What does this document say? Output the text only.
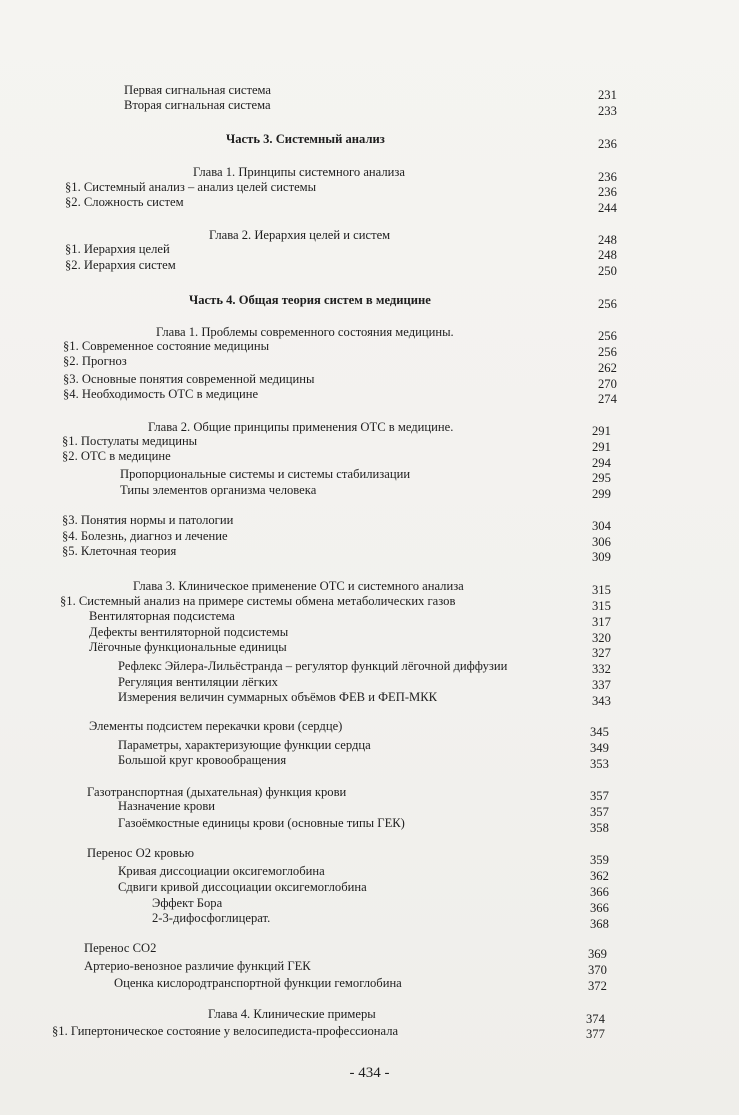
Первая сигнальная система	231
Вторая сигнальная система	233
Часть 3. Системный анализ	236
Глава 1. Принципы системного анализа	236
§1. Системный анализ – анализ целей системы	236
§2. Сложность систем	244
Глава 2. Иерархия целей и систем	248
§1. Иерархия целей	248
§2. Иерархия систем	250
Часть 4. Общая теория систем в медицине	256
Глава 1. Проблемы современного состояния медицины.	256
§1. Современное состояние медицины	256
§2. Прогноз	262
§3. Основные понятия современной медицины	270
§4. Необходимость ОТС в медицине	274
Глава 2. Общие принципы применения ОТС в медицине.	291
§1. Постулаты медицины	291
§2. ОТС в медицине	294
Пропорциональные системы и системы стабилизации	295
Типы элементов организма человека	299
§3. Понятия нормы и патологии	304
§4. Болезнь, диагноз и лечение	306
§5. Клеточная теория	309
Глава 3. Клиническое применение ОТС и системного анализа	315
§1. Системный анализ на примере системы обмена метаболических газов	315
Вентиляторная подсистема	317
Дефекты вентиляторной подсистемы	320
Лёгочные функциональные единицы	327
Рефлекс Эйлера-Лильёстранда – регулятор функций лёгочной диффузии	332
Регуляция вентиляции лёгких	337
Измерения величин суммарных объёмов ФЕВ и ФЕП-МКК	343
Элементы подсистем перекачки крови (сердце)	345
Параметры, характеризующие функции сердца	349
Большой круг кровообращения	353
Газотранспортная (дыхательная) функция крови	357
Назначение крови	357
Газоёмкостные единицы крови (основные типы ГЕК)	358
Перенос О2 кровью	359
Кривая диссоциации оксигемоглобина	362
Сдвиги кривой диссоциации оксигемоглобина	366
Эффект Бора	366
2-3-дифосфоглицерат.	368
Перенос СО2	369
Артерио-венозное различие функций ГЕК	370
Оценка кислородтранспортной функции гемоглобина	372
Глава 4. Клинические примеры	374
§1. Гипертоническое состояние у велосипедиста-профессионала	377
- 434 -
